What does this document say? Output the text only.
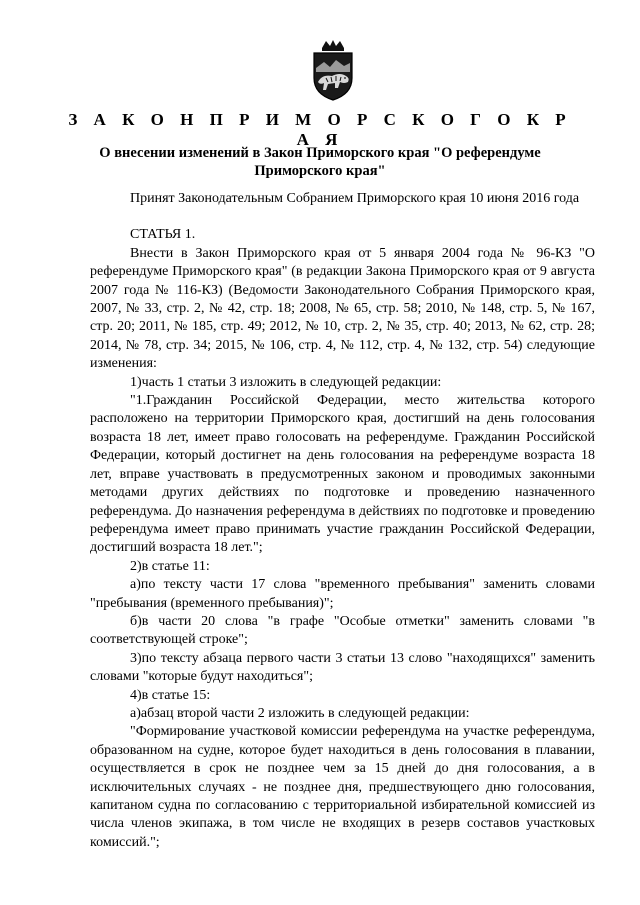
З А К О Н П Р И М О Р С К О Г О К Р А Я
О внесении изменений в Закон Приморского края "О референдуме Приморского края"

Принят Законодательным Собранием Приморского края 10 июня 2016 года

СТАТЬЯ 1.

Внести в Закон Приморского края от 5 января 2004 года № 96-КЗ "О референдуме Приморского края" (в редакции Закона Приморского края от 9 августа 2007 года № 116-КЗ) (Ведомости Законодательного Собрания Приморского края, 2007, № 33, стр. 2, № 42, стр. 18; 2008, № 65, стр. 58; 2010, № 148, стр. 5, № 167, стр. 20; 2011, № 185, стр. 49; 2012, № 10, стр. 2, № 35, стр. 40; 2013, № 62, стр. 28; 2014, № 78, стр. 34; 2015, № 106, стр. 4, № 112, стр. 4, № 132, стр. 54) следующие изменения:

1)часть 1 статьи 3 изложить в следующей редакции:

"1.Гражданин Российской Федерации, место жительства которого расположено на территории Приморского края, достигший на день голосования возраста 18 лет, имеет право голосовать на референдуме. Гражданин Российской Федерации, который достигнет на день голосования на референдуме возраста 18 лет, вправе участвовать в предусмотренных законом и проводимых законными методами других действиях по подготовке и проведению назначенного референдума. До назначения референдума в действиях по подготовке и проведению референдума имеет право принимать участие гражданин Российской Федерации, достигший возраста 18 лет.";

2)в статье 11:

а)по тексту части 17 слова "временного пребывания" заменить словами "пребывания (временного пребывания)";

б)в части 20 слова "в графе "Особые отметки" заменить словами "в соответствующей строке";

3)по тексту абзаца первого части 3 статьи 13 слово "находящихся" заменить словами "которые будут находиться";

4)в статье 15:

а)абзац второй части 2 изложить в следующей редакции:

"Формирование участковой комиссии референдума на участке референдума, образованном на судне, которое будет находиться в день голосования в плавании, осуществляется в срок не позднее чем за 15 дней до дня голосования, а в исключительных случаях - не позднее дня, предшествующего дню голосования, капитаном судна по согласованию с территориальной избирательной комиссией из числа членов экипажа, в том числе не входящих в резерв составов участковых комиссий.";
